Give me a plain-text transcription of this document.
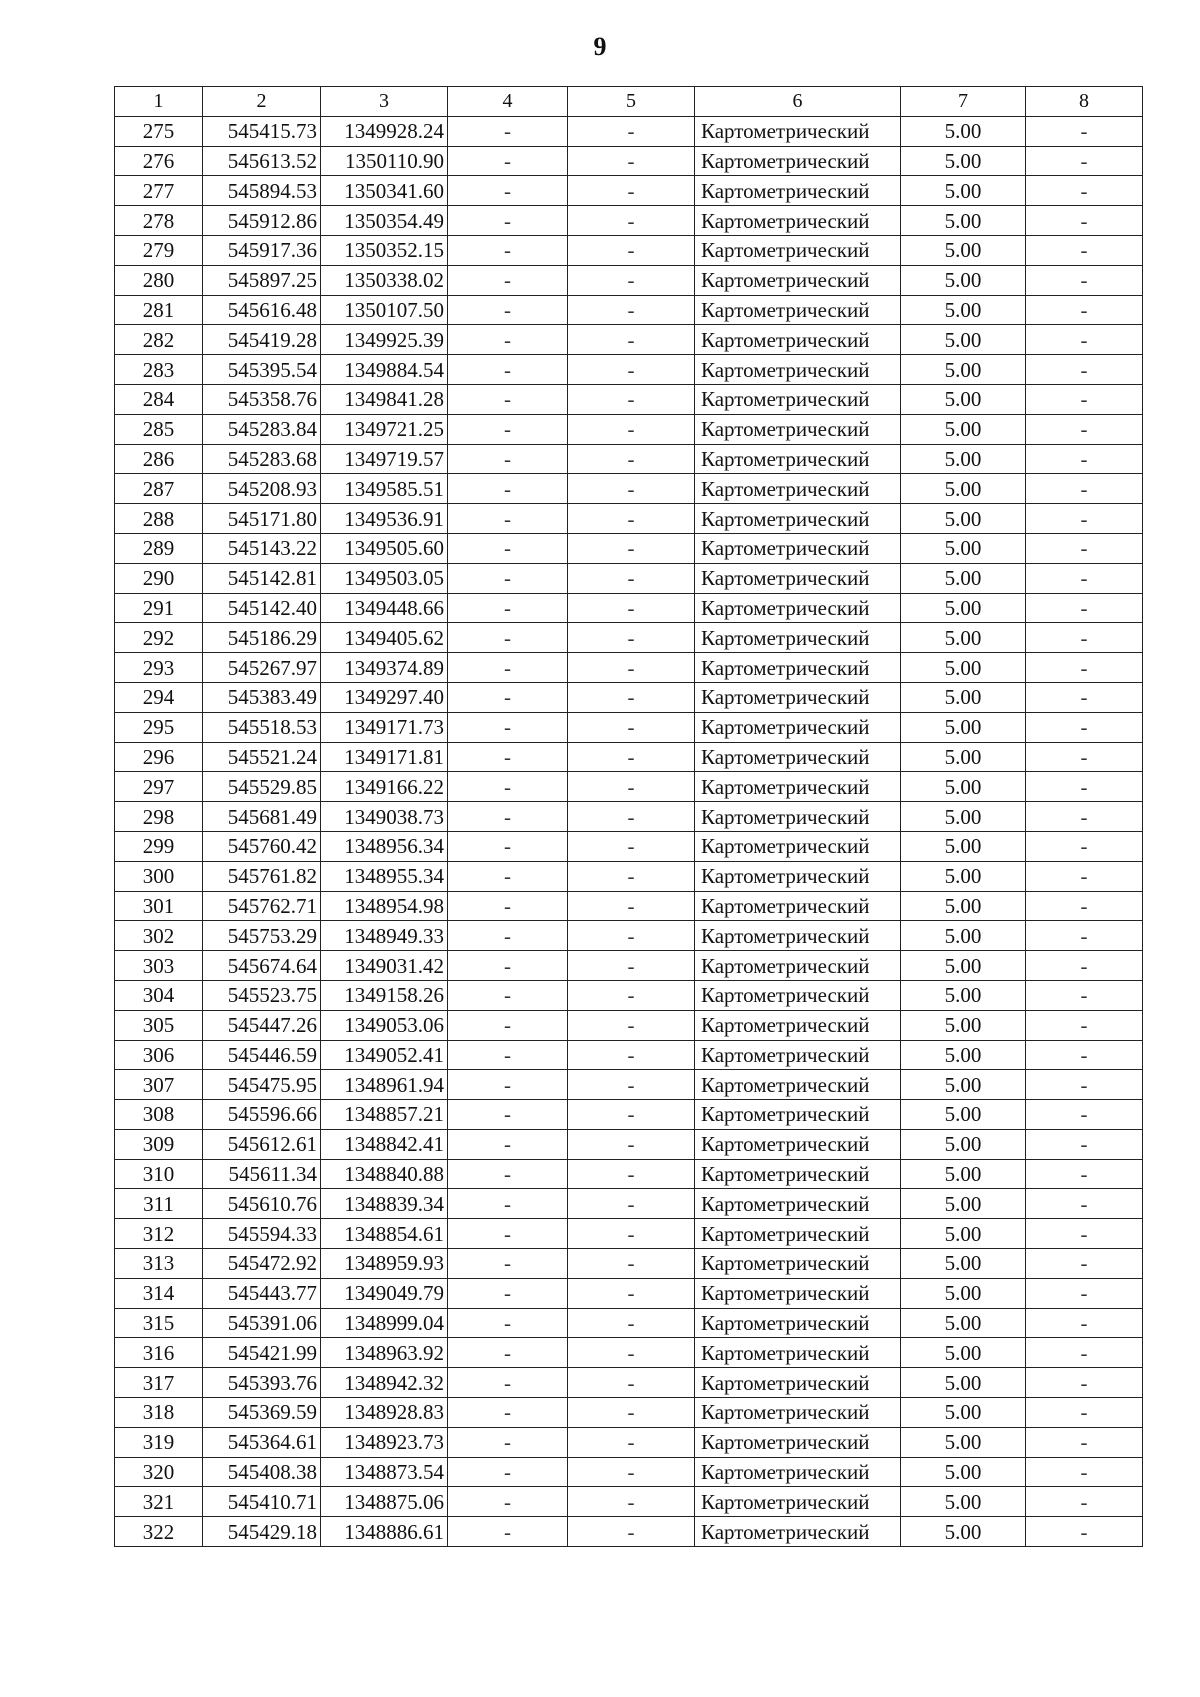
9
1	2	3	4	5	6	7	8
275	545415.73	1349928.24	-	-	Картометрический	5.00	-
276	545613.52	1350110.90	-	-	Картометрический	5.00	-
277	545894.53	1350341.60	-	-	Картометрический	5.00	-
278	545912.86	1350354.49	-	-	Картометрический	5.00	-
279	545917.36	1350352.15	-	-	Картометрический	5.00	-
280	545897.25	1350338.02	-	-	Картометрический	5.00	-
281	545616.48	1350107.50	-	-	Картометрический	5.00	-
282	545419.28	1349925.39	-	-	Картометрический	5.00	-
283	545395.54	1349884.54	-	-	Картометрический	5.00	-
284	545358.76	1349841.28	-	-	Картометрический	5.00	-
285	545283.84	1349721.25	-	-	Картометрический	5.00	-
286	545283.68	1349719.57	-	-	Картометрический	5.00	-
287	545208.93	1349585.51	-	-	Картометрический	5.00	-
288	545171.80	1349536.91	-	-	Картометрический	5.00	-
289	545143.22	1349505.60	-	-	Картометрический	5.00	-
290	545142.81	1349503.05	-	-	Картометрический	5.00	-
291	545142.40	1349448.66	-	-	Картометрический	5.00	-
292	545186.29	1349405.62	-	-	Картометрический	5.00	-
293	545267.97	1349374.89	-	-	Картометрический	5.00	-
294	545383.49	1349297.40	-	-	Картометрический	5.00	-
295	545518.53	1349171.73	-	-	Картометрический	5.00	-
296	545521.24	1349171.81	-	-	Картометрический	5.00	-
297	545529.85	1349166.22	-	-	Картометрический	5.00	-
298	545681.49	1349038.73	-	-	Картометрический	5.00	-
299	545760.42	1348956.34	-	-	Картометрический	5.00	-
300	545761.82	1348955.34	-	-	Картометрический	5.00	-
301	545762.71	1348954.98	-	-	Картометрический	5.00	-
302	545753.29	1348949.33	-	-	Картометрический	5.00	-
303	545674.64	1349031.42	-	-	Картометрический	5.00	-
304	545523.75	1349158.26	-	-	Картометрический	5.00	-
305	545447.26	1349053.06	-	-	Картометрический	5.00	-
306	545446.59	1349052.41	-	-	Картометрический	5.00	-
307	545475.95	1348961.94	-	-	Картометрический	5.00	-
308	545596.66	1348857.21	-	-	Картометрический	5.00	-
309	545612.61	1348842.41	-	-	Картометрический	5.00	-
310	545611.34	1348840.88	-	-	Картометрический	5.00	-
311	545610.76	1348839.34	-	-	Картометрический	5.00	-
312	545594.33	1348854.61	-	-	Картометрический	5.00	-
313	545472.92	1348959.93	-	-	Картометрический	5.00	-
314	545443.77	1349049.79	-	-	Картометрический	5.00	-
315	545391.06	1348999.04	-	-	Картометрический	5.00	-
316	545421.99	1348963.92	-	-	Картометрический	5.00	-
317	545393.76	1348942.32	-	-	Картометрический	5.00	-
318	545369.59	1348928.83	-	-	Картометрический	5.00	-
319	545364.61	1348923.73	-	-	Картометрический	5.00	-
320	545408.38	1348873.54	-	-	Картометрический	5.00	-
321	545410.71	1348875.06	-	-	Картометрический	5.00	-
322	545429.18	1348886.61	-	-	Картометрический	5.00	-
